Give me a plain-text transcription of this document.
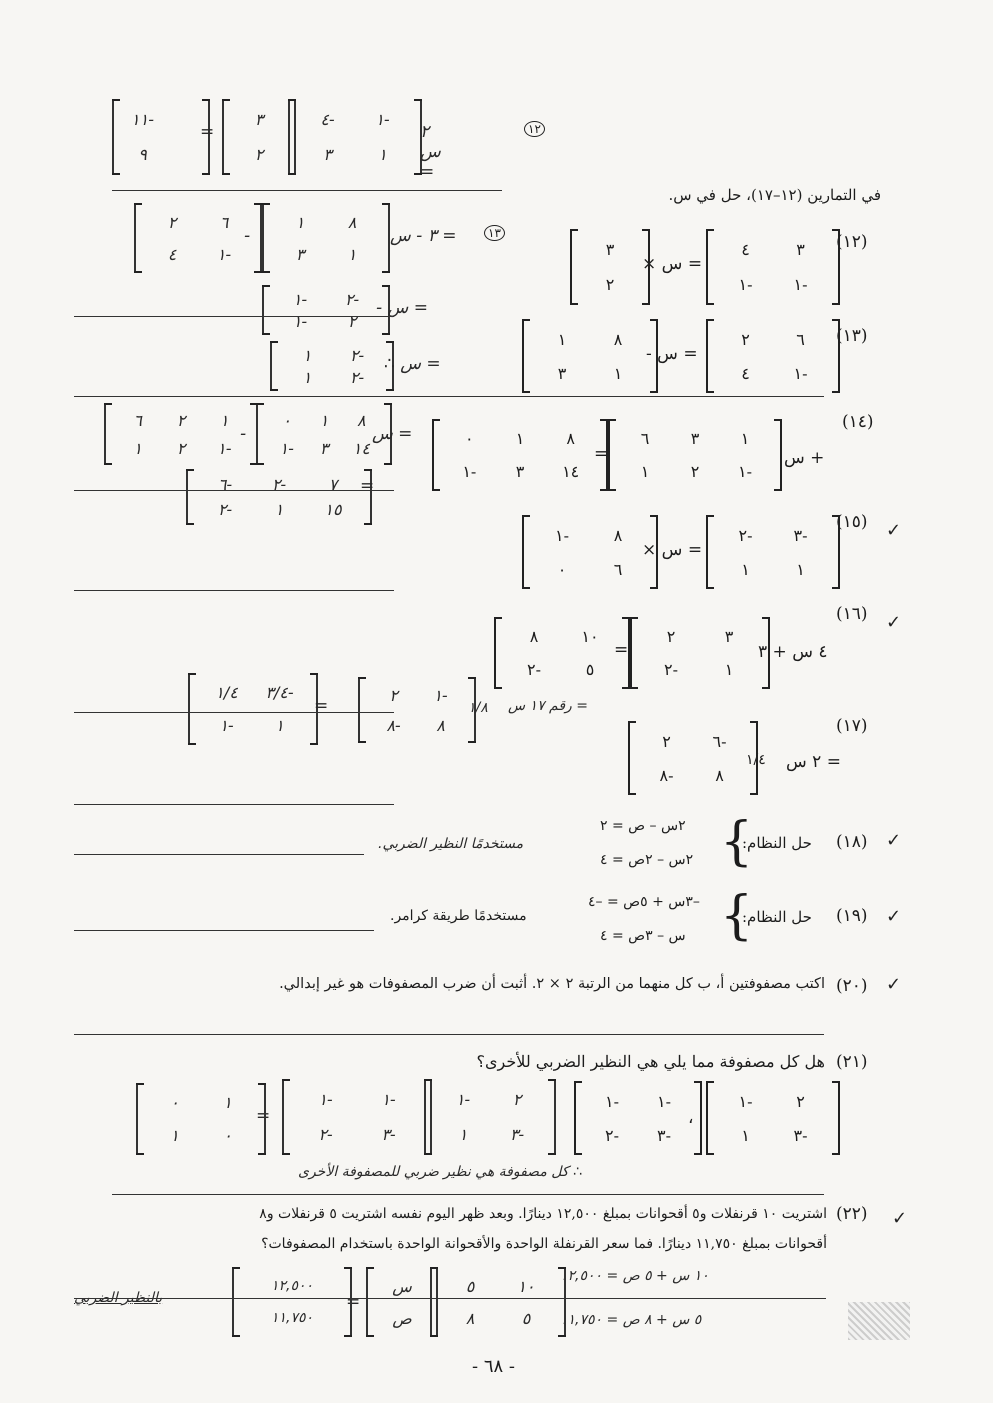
١١-
٩
=
٣
٢
٤-	١-
٣	١
٢ س =
١٢
في التمارين (١٢–١٧)، حل في س.
(١٢)
٤	٣
١-	١-
× س =
٣
٢
٢	٦
٤	١-
-
١	٨
٣	١
٣ - س =	١٣
١-	٢-
١-	٢
- س =
١	٢-
١	٢-
∴ س =
(١٣)
٢	٦
٤	١-
- س =
١	٨
٣	١
(١٤)
س +
٦	٣	١
١	٢	١-
=
٠	١	٨
١-	٣	١٤
٦	٢	١
١	٢	١-
-
٠	١	٨
١-	٣	١٤
س =
٦-	٢-	٧
٢-	١	١٥
=
✓
(١٥)
٢-	٣-
١	١
× س =
١-	٨
٠	٦
✓
(١٦)
٤ س + ٣
٢	٣
٢-	١
=
٨	١٠
٢-	٥
١/٤	٣/٤-
١-	١
=
٢	١-
٨-	٨
١/٨ رقم ١٧ س =
(١٧)
٢ س =
١/٤
٢	٦-
٨-	٨
✓
(١٨)
حل النظام:
{
٢س – ص = ٢
٢س – ٢ص = ٤
مستخدمًا النظير الضربي.
✓
(١٩)
حل النظام:
{
–٣س + ٥ص = –٤
س – ٣ص = ٤
مستخدمًا طريقة كرامر.
✓
(٢٠)
اكتب مصفوفتين أ، ب كل منهما من الرتبة ٢ × ٢. أثبت أن ضرب المصفوفات هو غير إبدالي.
(٢١)
هل كل مصفوفة مما يلي هي النظير الضربي للأخرى؟
١-	٢
١	٣-
،
١-	١-
٢-	٣-
١-	٢
١	٣-
١-	١-
٢-	٣-
=
٠	١
١	٠
∴ كل مصفوفة هي نظير ضربي للمصفوفة الأخرى
✓
(٢٢)
اشتريت ١٠ قرنفلات و٥ أقحوانات بمبلغ ١٢,٥٠٠ دينارًا. وبعد ظهر اليوم نفسه اشتريت ٥ قرنفلات و٨
أقحوانات بمبلغ ١١,٧٥٠ دينارًا. فما سعر القرنفلة الواحدة والأقحوانة الواحدة باستخدام المصفوفات؟
١٠ س + ٥ ص = ١٢,٥٠٠
٥ س + ٨ ص = ١١,٧٥٠
٥	١٠
٨	٥
س
ص
=
١٢,٥٠٠
١١,٧٥٠
بالنظير الضربي
- ٦٨ -
